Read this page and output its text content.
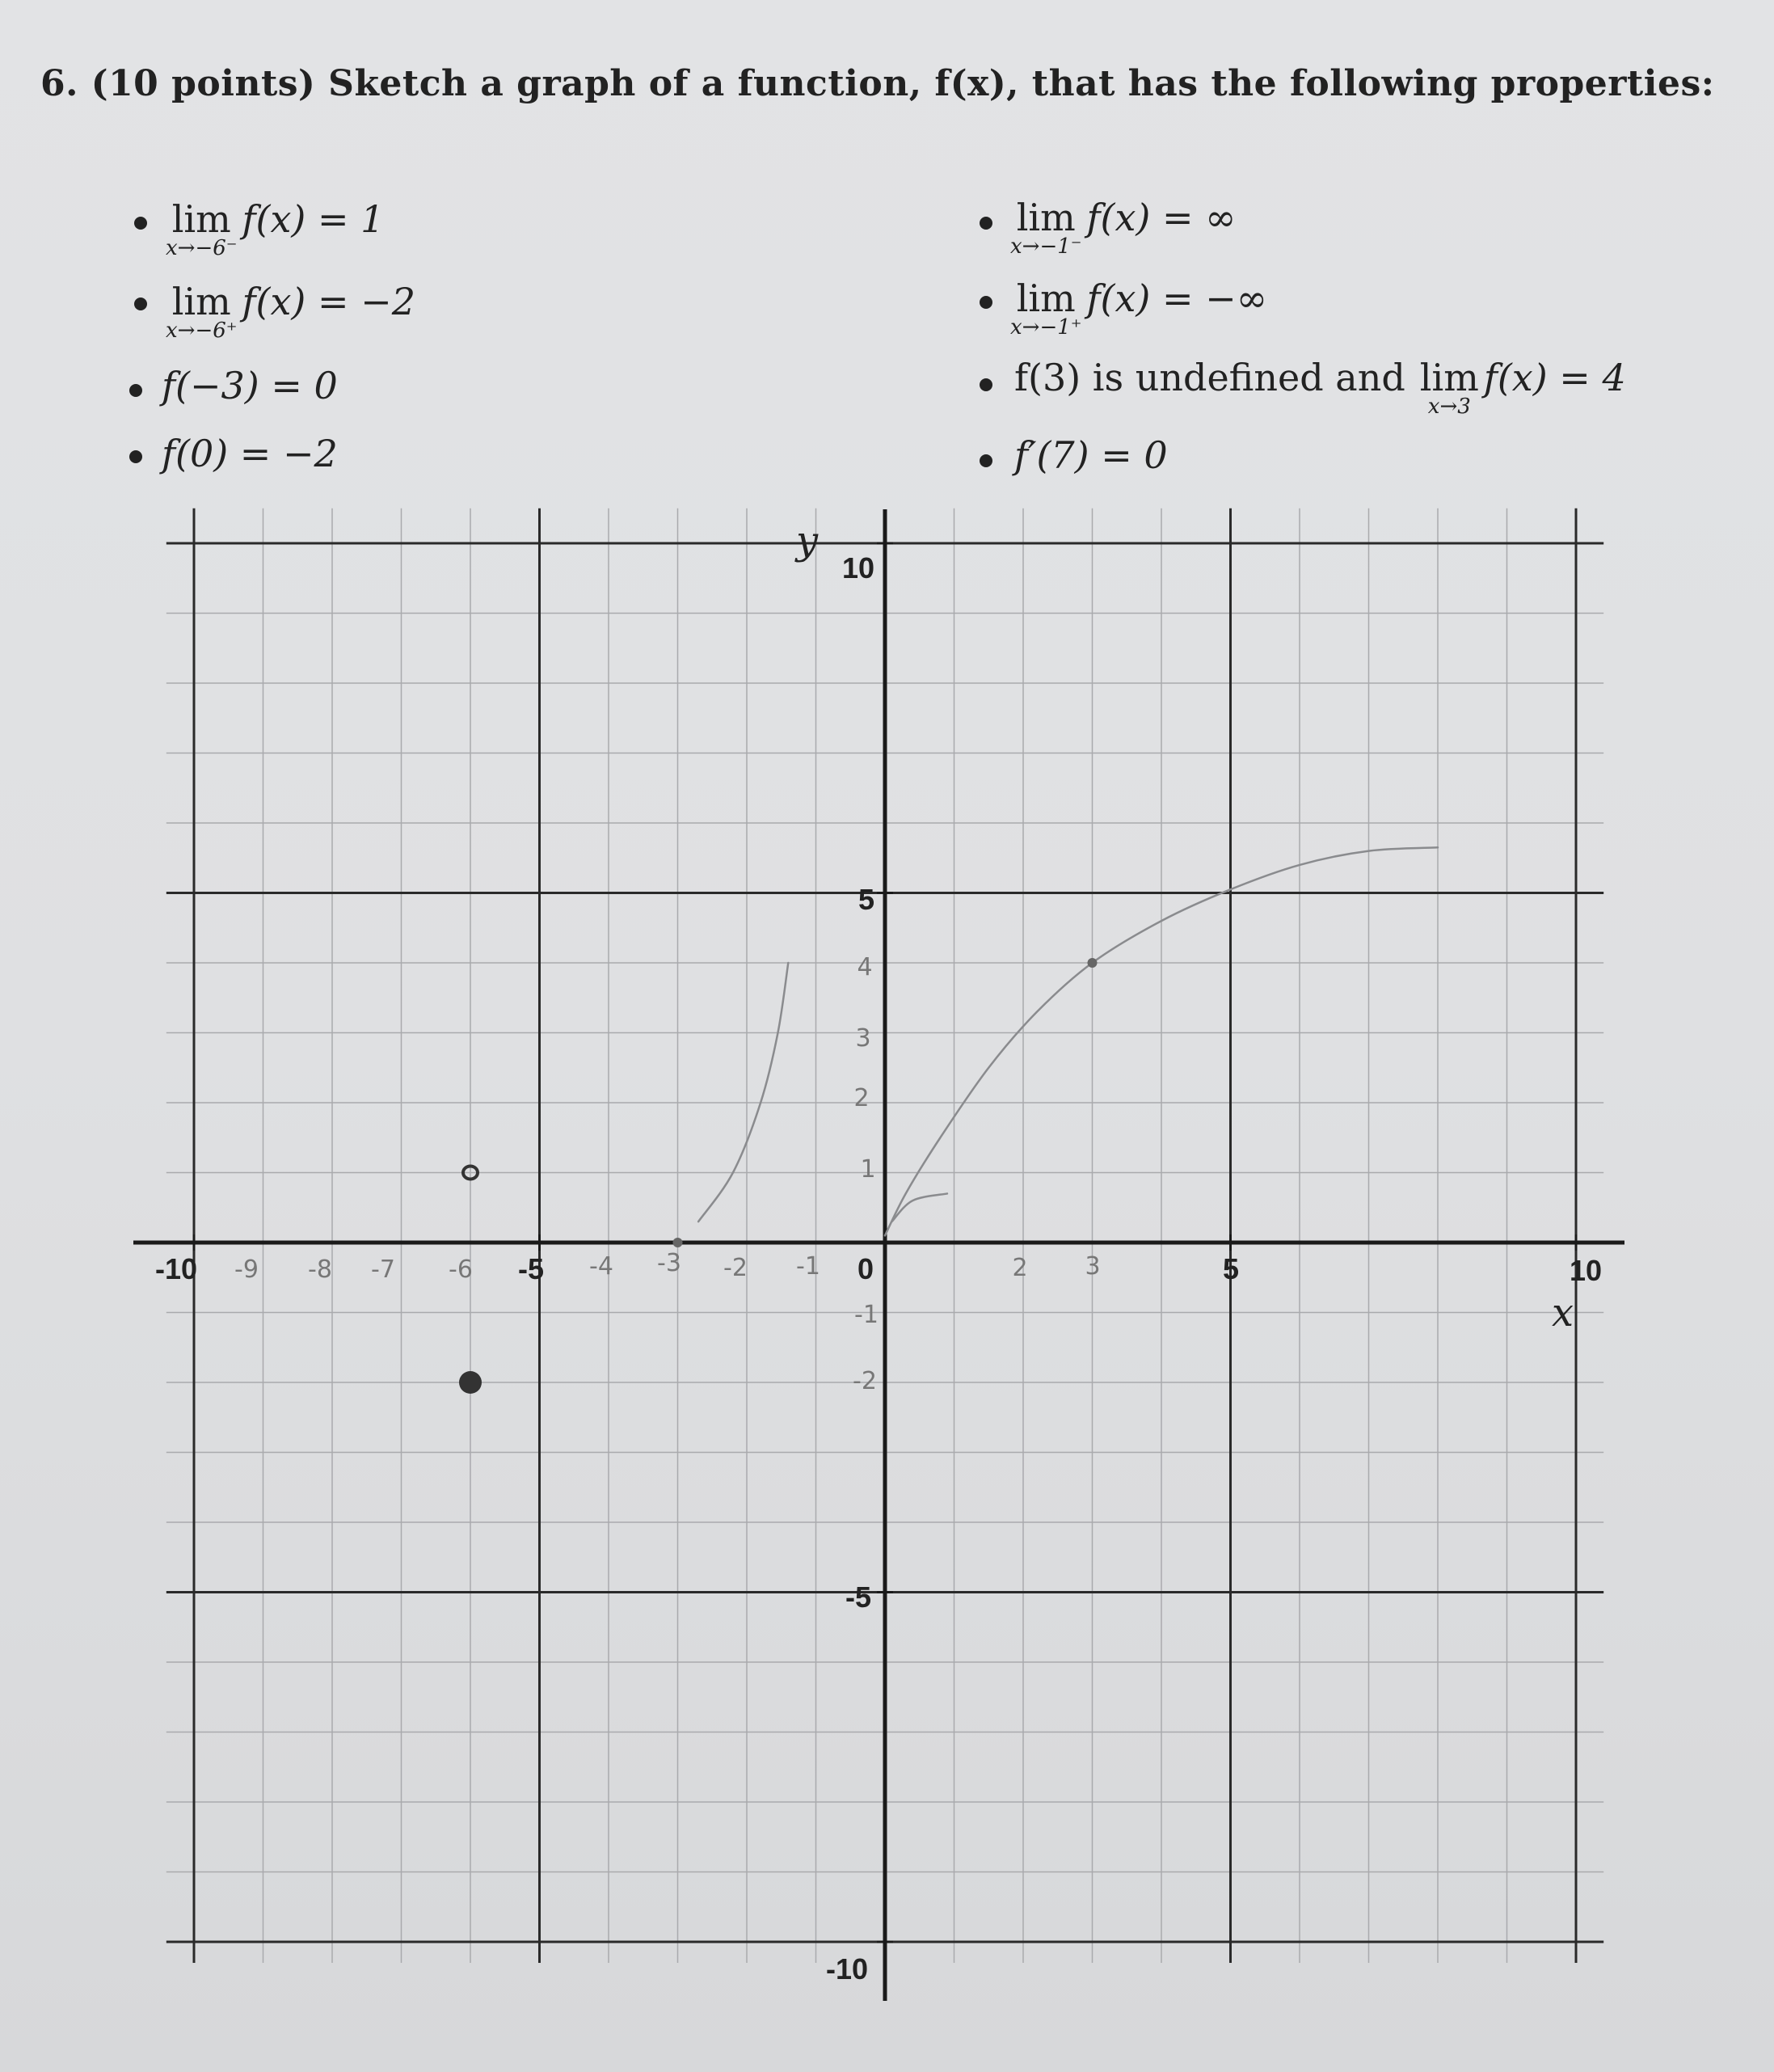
6. (10 points) Sketch a graph of a function, f(x), that has the following properties:
lim
x→−6⁻
f(x) = 1
lim
x→−6⁺
f(x) = −2
f(−3) = 0
f(0) = −2
lim
x→−1⁻
f(x) = ∞
lim
x→−1⁺
f(x) = −∞
f(3) is undefined and lim
x→3
f(x) = 4
f′(7) = 0
-10	-5	0	5	10
10
5
-5
-10
y
x
-9 -8 -7 -6	-4 -3 -2 -1	2 3
4
3
2
1
-1
-2
